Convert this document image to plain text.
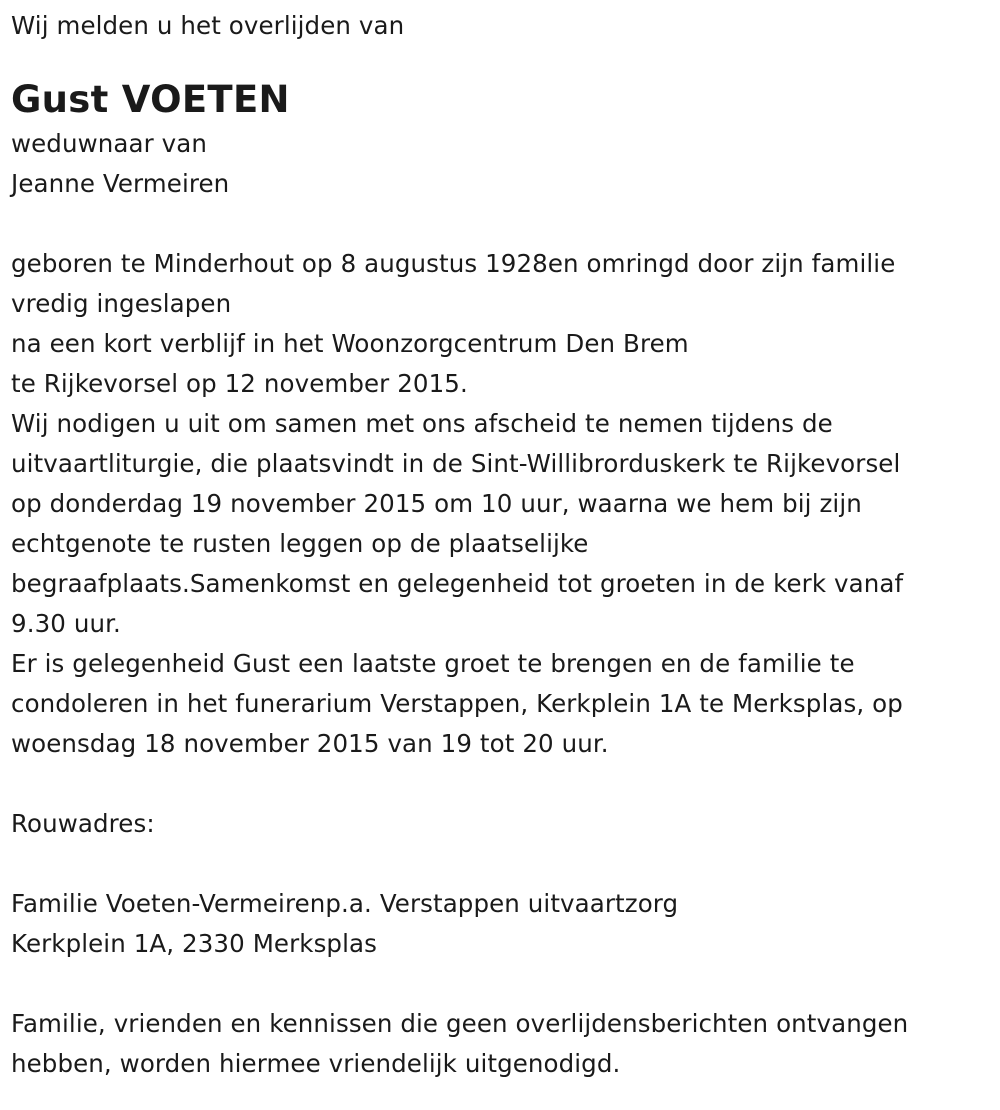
Wij melden u het overlijden van
Gust VOETEN
weduwnaar van
Jeanne Vermeiren
geboren te Minderhout op 8 augustus 1928en omringd door zijn familie
vredig ingeslapen
na een kort verblijf in het Woonzorgcentrum Den Brem
te Rijkevorsel op 12 november 2015.
Wij nodigen u uit om samen met ons afscheid te nemen tijdens de
uitvaartliturgie, die plaatsvindt in de Sint-Willibrorduskerk te Rijkevorsel
op donderdag 19 november 2015 om 10 uur, waarna we hem bij zijn
echtgenote te rusten leggen op de plaatselijke
begraafplaats.Samenkomst en gelegenheid tot groeten in de kerk vanaf
9.30 uur.
Er is gelegenheid Gust een laatste groet te brengen en de familie te
condoleren in het funerarium Verstappen, Kerkplein 1A te Merksplas, op
woensdag 18 november 2015 van 19 tot 20 uur.
Rouwadres:
Familie Voeten-Vermeirenp.a. Verstappen uitvaartzorg
Kerkplein 1A, 2330 Merksplas
Familie, vrienden en kennissen die geen overlijdensberichten ontvangen
hebben, worden hiermee vriendelijk uitgenodigd.
